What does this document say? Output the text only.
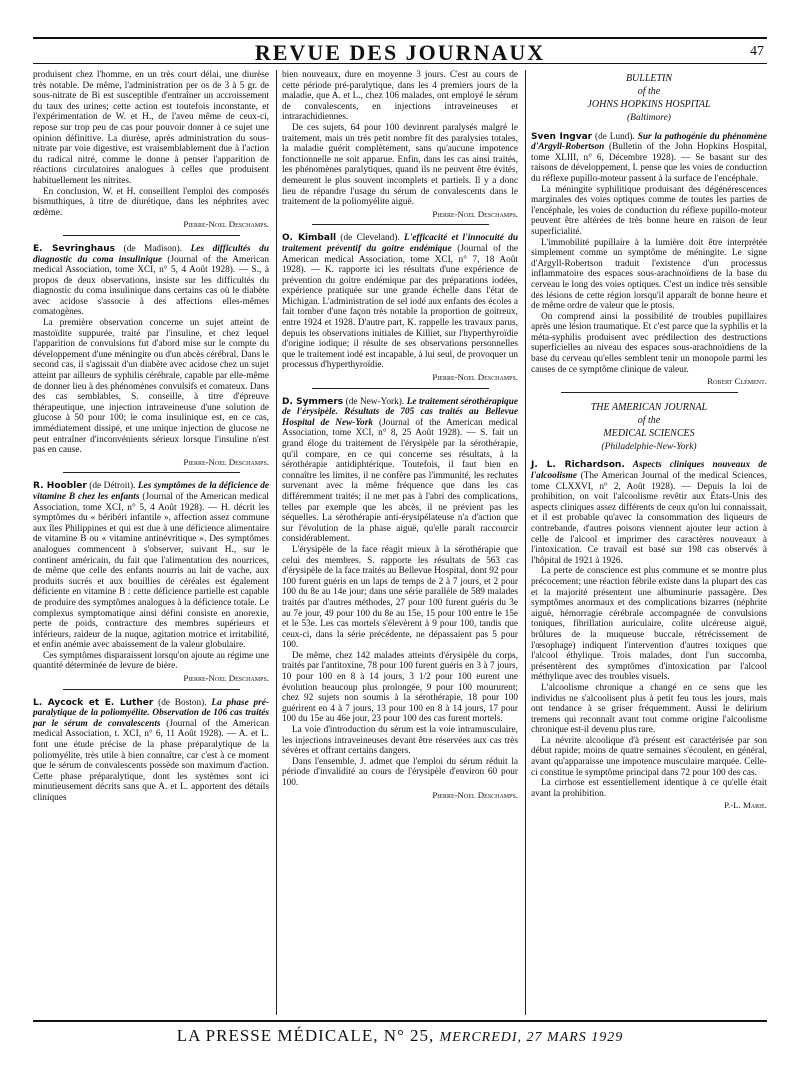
REVUE DES JOURNAUX	47

produisent chez l'homme, en un très court délai, une diurèse très notable. De même, l'administration per os de 3 à 5 gr. de sous-nitrate de Bi est susceptible d'entraîner un accroissement du taux des urines; cette action est toutefois inconstante, et l'expérimentation de W. et H., de l'aveu même de ceux-ci, repose sur trop peu de cas pour pouvoir donner à ce sujet une opinion définitive. La diurèse, après administration du sous-nitrate par voie digestive, est vraisemblablement due à l'action du radical nitré, comme le donne à penser l'apparition de réactions circulatoires analogues à celles que produisent habituellement les nitrites.

En conclusion, W. et H. conseillent l'emploi des composés bismuthiques, à titre de diurétique, dans les néphrites avec œdème.

Pierre-Noel Deschamps.

E. Sevringhaus (de Madison). Les difficultés du diagnostic du coma insulinique (Journal of the American medical Association, tome XCI, n° 5, 4 Août 1928). — S., à propos de deux observations, insiste sur les difficultés du diagnostic du coma insulinique dans certains cas où le diabète avec acidose s'associe à des affections elles-mêmes comatogènes.

La première observation concerne un sujet atteint de mastoïdite suppurée, traité par l'insuline, et chez lequel l'apparition de convulsions fut d'abord mise sur le compte du développement d'une méningite ou d'un abcès cérébral. Dans le second cas, il s'agissait d'un diabète avec acidose chez un sujet atteint par ailleurs de syphilis cérébrale, capable par elle-même de donner lieu à des phénomènes convulsifs et comateux. Dans des cas semblables, S. conseille, à titre d'épreuve thérapeutique, une injection intraveineuse d'une solution de glucose à 50 pour 100; le coma insulinique est, en ce cas, immédiatement dissipé, et une unique injection de glucose ne peut entraîner d'inconvénients sérieux lorsque l'insuline n'est pas en cause.

Pierre-Noel Deschamps.

R. Hoobler (de Détroit). Les symptômes de la déficience de vitamine B chez les enfants (Journal of the American medical Association, tome XCI, n° 5, 4 Août 1928). — H. décrit les symptômes du « béribéri infantile », affection assez commune aux îles Philippines et qui est due à une déficience alimentaire de vitamine B ou « vitamine antinévritique ». Des symptômes analogues commencent à s'observer, suivant H., sur le continent américain, du fait que l'alimentation des nourrices, de même que celle des enfants nourris au lait de vache, aux produits sucrés et aux bouillies de céréales est également déficiente en vitamine B : cette déficience partielle est capable de produire des symptômes analogues à la déficience totale. Le complexus symptomatique ainsi défini consiste en anorexie, perte de poids, contracture des membres supérieurs et inférieurs, raideur de la nuque, agitation motrice et irritabilité, et enfin anémie avec abaissement de la valeur globulaire.

Ces symptômes disparaissent lorsqu'on ajoute au régime une quantité déterminée de levure de bière.

Pierre-Noel Deschamps.

L. Aycock et E. Luther (de Boston). La phase pré-paralytique de la poliomyélite. Observation de 106 cas traités par le sérum de convalescents (Journal of the American medical Association, t. XCI, n° 6, 11 Août 1928). — A. et L. font une étude précise de la phase préparalytique de la poliomyélite, très utile à bien connaître, car c'est à ce moment que le sérum de convalescents possède son maximum d'action. Cette phase préparalytique, dont les systèmes sont ici minutieusement décrits sans que A. et L. apportent des détails cliniques

bien nouveaux, dure en moyenne 3 jours. C'est au cours de cette période pré-paralytique, dans les 4 premiers jours de la maladie, que A. et L., chez 106 malades, ont employé le sérum de convalescents, en injections intraveineuses et intrarachidiennes.

De ces sujets, 64 pour 100 devinrent paralysés malgré le traitement, mais un très petit nombre fit des paralysies totales, la maladie guérit complètement, sans qu'aucune impotence fonctionnelle ne soit apparue. Enfin, dans les cas ainsi traités, les phénomènes paralytiques, quand ils ne peuvent être évités, demeurent le plus souvent incomplets et partiels. Il y a donc lieu de répandre l'usage du sérum de convalescents dans le traitement de la poliomyélite aiguë.

Pierre-Noel Deschamps.

O. Kimball (de Cleveland). L'efficacité et l'innocuité du traitement préventif du goitre endémique (Journal of the American medical Association, tome XCI, n° 7, 18 Août 1928). — K. rapporte ici les résultats d'une expérience de prévention du goitre endémique par des préparations iodées, expérience pratiquée sur une grande échelle dans l'état de Michigan. L'administration de sel iodé aux enfants des écoles a fait tomber d'une façon très notable la proportion de goitreux, entre 1924 et 1928. D'autre part, K. rappelle les travaux parus, depuis les observations initiales de Killiet, sur l'hyperthyroïdie d'origine iodique; il résulte de ses observations personnelles que le traitement iodé est incapable, à lui seul, de provoquer un processus d'hyperthyroïdie.

Pierre-Noel Deschamps.

D. Symmers (de New-York). Le traitement sérothérapique de l'érysipèle. Résultats de 705 cas traités au Bellevue Hospital de New-York (Journal of the American medical Association, tome XCI, n° 8, 25 Août 1928). — S. fait un grand éloge du traitement de l'érysipèle par la sérothérapie, qu'il compare, en ce qui concerne ses résultats, à la sérothérapie antidiphtérique. Toutefois, il faut bien en connaître les limites, il ne confère pas l'immunité, les rechutes survenant avec la même fréquence que dans les cas différemment traités; il ne met pas à l'abri des complications, telles par exemple que les abcès, il ne prévient pas les séquelles. La sérothérapie anti-érysipélateuse n'a d'action que sur l'évolution de la phase aiguë, qu'elle paraît raccourcir considérablement.

L'érysipèle de la face réagit mieux à la sérothérapie que celui des membres. S. rapporte les résultats de 563 cas d'érysipèle de la face traités au Bellevue Hospital, dont 92 pour 100 furent guéris en un laps de temps de 2 à 7 jours, et 2 pour 100 du 8e au 14e jour; dans une série parallèle de 589 malades traités par d'autres méthodes, 27 pour 100 furent guéris du 3e au 7e jour, 49 pour 100 du 8e au 15e, 15 pour 100 entre le 15e et le 53e. Les cas mortels s'élevèrent à 9 pour 100, tandis que ceux-ci, dans la série précédente, ne dépassaient pas 5 pour 100.

De même, chez 142 malades atteints d'érysipèle du corps, traités par l'antitoxine, 78 pour 100 furent guéris en 3 à 7 jours, 10 pour 100 en 8 à 14 jours, 3 1/2 pour 100 eurent une évolution beaucoup plus prolongée, 9 pour 100 moururent; chez 92 sujets non soumis à la sérothérapie, 18 pour 100 guérirent en 4 à 7 jours, 13 pour 100 en 8 à 14 jours, 17 pour 100 du 15e au 46e jour, 23 pour 100 des cas furent mortels.

La voie d'introduction du sérum est la voie intramusculaire, les injections intraveineuses devant être réservées aux cas très sévères et offrant certains dangers.

Dans l'ensemble, J. admet que l'emploi du sérum réduit la période d'invalidité au cours de l'érysipèle d'environ 60 pour 100.

Pierre-Noel Deschamps.
BULLETIN
of the
JOHNS HOPKINS HOSPITAL
(Baltimore)

Sven Ingvar (de Lund). Sur la pathogénie du phénomène d'Argyll-Robertson (Bulletin of the John Hopkins Hospital, tome XLIII, n° 6, Décembre 1928). — Se basant sur des raisons de développement, I. pense que les voies de conduction du réflexe pupillo-moteur passent à la surface de l'encéphale.

La méningite syphilitique produisant des dégénérescences marginales des voies optiques comme de toutes les parties de l'encéphale, les voies de conduction du réflexe pupillo-moteur peuvent être altérées de très bonne heure en raison de leur superficialité.

L'immobilité pupillaire à la lumière doit être interprétée simplement comme un symptôme de méningite. Le signe d'Argyll-Robertson traduit l'existence d'un processus inflammatoire des espaces sous-arachnoïdiens de la base du cerveau le long des voies optiques. C'est un indice très sensible des lésions de cette région lorsqu'il apparaît de bonne heure et de même ordre de valeur que le ptosis.

On comprend ainsi la possibilité de troubles pupillaires après une lésion traumatique. Et c'est parce que la syphilis et la méta-syphilis produisent avec prédilection des destructions superficielles au niveau des espaces sous-arachnoïdiens de la base du cerveau qu'elles semblent tenir un monopole parmi les causes de ce symptôme clinique de valeur.

Robert Clément.
THE AMERICAN JOURNAL
of the
MEDICAL SCIENCES
(Philadelphie-New-York)

J. L. Richardson. Aspects cliniques nouveaux de l'alcoolisme (The American Journal of the medical Sciences, tome CLXXVI, n° 2, Août 1928). — Depuis la loi de prohibition, on voit l'alcoolisme revêtir aux États-Unis des aspects cliniques assez différents de ceux qu'on lui connaissait, et il est probable qu'avec la consommation des liqueurs de contrebande, d'autres poisons viennent ajouter leur action à celle de l'alcool et imprimer des caractères nouveaux à l'intoxication. Ce travail est basé sur 198 cas observés à l'hôpital de 1921 à 1926.

La perte de conscience est plus commune et se montre plus précocement; une réaction fébrile existe dans la plupart des cas et la majorité présentent une albuminurie passagère. Des symptômes anormaux et des complications bizarres (néphrite aiguë, hémorragie cérébrale accompagnée de convulsions toniques, fibrillation auriculaire, colite ulcéreuse aiguë, brûlures de la muqueuse buccale, rétrécissement de l'œsophage) indiquent l'intervention d'autres toxiques que l'alcool éthylique. Trois malades, dont l'un succomba, présentèrent des symptômes d'intoxication par l'alcool méthylique avec des troubles visuels.

L'alcoolisme chronique a changé en ce sens que les individus ne s'alcoolisent plus à petit feu tous les jours, mais ont tendance à se griser fréquemment. Aussi le delirium tremens qui reconnaît avant tout comme origine l'alcoolisme chronique est-il devenu plus rare.

La névrite alcoolique d'à présent est caractérisée par son début rapide; moins de quatre semaines s'écoulent, en général, avant qu'apparaisse une impotence musculaire marquée. Celle-ci constitue le symptôme principal dans 72 pour 100 des cas.

La cirrhose est essentiellement identique à ce qu'elle était avant la prohibition.

P.-L. Marie.
LA PRESSE MÉDICALE, N° 25, MERCREDI, 27 MARS 1929
